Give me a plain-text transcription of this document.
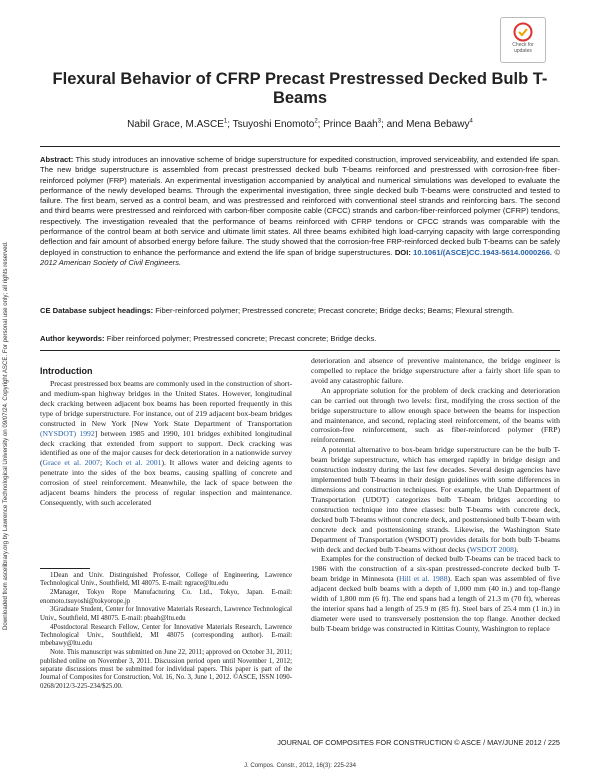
Downloaded from ascelibrary.org by Lawrence Technological University on 09/07/24. Copyright ASCE. For personal use only; all rights reserved.
Check for
updates
Flexural Behavior of CFRP Precast Prestressed Decked Bulb T-Beams
Nabil Grace, M.ASCE$^1$; Tsuyoshi Enomoto$^2$; Prince Baah$^3$; and Mena Bebawy$^4$
Abstract: This study introduces an innovative scheme of bridge superstructure for expedited construction, improved serviceability, and extended life span. The new bridge superstructure is assembled from precast prestressed decked bulb T-beams reinforced and prestressed with corrosion-free fiber-reinforced polymer (FRP) materials. An experimental investigation accompanied by analytical and numerical simulations was developed to evaluate the performance of the newly developed beams. Through the experimental investigation, three single decked bulb T-beams were constructed and tested to failure. The first beam, served as a control beam, and was prestressed and reinforced with conventional steel strands and reinforcing bars. The second and third beams were prestressed and reinforced with carbon-fiber composite cable (CFCC) strands and carbon-fiber-reinforced polymer (CFRP) tendons, respectively. The investigation revealed that the performance of beams reinforced with CFRP tendons or CFCC strands was comparable with the performance of the control beam at both service and ultimate limit states. All three beams exhibited high load-carrying capacity with large corresponding deflection and fair amount of absorbed energy before failure. The study showed that the corrosion-free FRP-reinforced decked bulb T-beams can be safely deployed in construction to enhance the performance and extend the life span of bridge superstructures. DOI: 10.1061/(ASCE)CC.1943-5614.0000266. © 2012 American Society of Civil Engineers.
CE Database subject headings: Fiber-reinforced polymer; Prestressed concrete; Precast concrete; Bridge decks; Beams; Flexural strength.
Author keywords: Fiber reinforced polymer; Prestressed concrete; Precast concrete; Bridge decks.
Introduction

Precast prestressed box beams are commonly used in the construction of short- and medium-span highway bridges in the United States. However, longitudinal deck cracking between adjacent box beams has been reported frequently in this type of bridge superstructure. For instance, out of 219 adjacent box-beam bridges constructed in New York [New York State Department of Transportation (NYSDOT) 1992] between 1985 and 1990, 101 bridges exhibited longitudinal deck cracking that extended from support to support. Deck cracking was identified as one of the major causes for deck deterioration in a nationwide survey (Grace et al. 2007; Koch et al. 2001). It allows water and deicing agents to penetrate into the sides of the box beams, causing spalling of concrete and corrosion of steel reinforcement. Meanwhile, the lack of space between the adjacent beams hinders the process of regular inspection and maintenance. Consequently, with such accelerated

1Dean and Univ. Distinguished Professor, College of Engineering, Lawrence Technological Univ., Southfield, MI 48075. E-mail: ngrace@ltu.edu

2Manager, Tokyo Rope Manufacturing Co. Ltd., Tokyo, Japan. E-mail: enomoto.tsuyoshi@tokyorope.jp

3Graduate Student, Center for Innovative Materials Research, Lawrence Technological Univ., Southfield, MI 48075. E-mail: pbaah@ltu.edu

4Postdoctoral Research Fellow, Center for Innovative Materials Research, Lawrence Technological Univ., Southfield, MI 48075 (corresponding author). E-mail: mbebawy@ltu.edu

Note. This manuscript was submitted on June 22, 2011; approved on October 31, 2011; published online on November 3, 2011. Discussion period open until November 1, 2012; separate discussions must be submitted for individual papers. This paper is part of the Journal of Composites for Construction, Vol. 16, No. 3, June 1, 2012. ©ASCE, ISSN 1090-0268/2012/3-225-234/$25.00.

deterioration and absence of preventive maintenance, the bridge engineer is compelled to replace the bridge superstructure after a fairly short life span to avoid any catastrophic failure.

An appropriate solution for the problem of deck cracking and deterioration can be carried out through two levels: first, modifying the cross section of the bridge superstructure to allow enough space between the beams for inspection and maintenance, and second, replacing steel reinforcement, of the beams with corrosion-free reinforcement, such as fiber-reinforced polymer (FRP) reinforcement.

A potential alternative to box-beam bridge superstructure can be the bulb T-beam bridge superstructure, which has emerged rapidly in bridge design and construction industry during the last few decades. Several design agencies have implemented bulb T-beams in their design guidelines with some differences in dimensions and construction techniques. For example, the Utah Department of Transportation (UDOT) categorizes bulb T-beam bridges according to construction technique into three classes: bulb T-beams with concrete deck, decked bulb T-beams without concrete deck, and posttensioned bulb T-beam with concrete deck and posttensioning strands. Likewise, the Washington State Department of Transportation (WSDOT) provides details for both bulb T-beams with deck and decked bulb T-beams without decks (WSDOT 2008).

Examples for the construction of decked bulb T-beams can be traced back to 1986 with the construction of a six-span prestressed-concrete decked bulb T-beam bridge in Minnesota (Hill et al. 1988). Each span was assembled of five adjacent decked bulb beams with a depth of 1,000 mm (40 in.) and top-flange width of 1,800 mm (6 ft). The end spans had a length of 21.3 m (70 ft), whereas the interior spans had a length of 25.9 m (85 ft). Steel bars of 25.4 mm (1 in.) in diameter were used to transversely posttension the top flange. Another decked bulb T-beam bridge was constructed in Kittitas County, Washington to replace

JOURNAL OF COMPOSITES FOR CONSTRUCTION © ASCE / MAY/JUNE 2012 / 225
J. Compos. Constr., 2012, 16(3): 225-234
